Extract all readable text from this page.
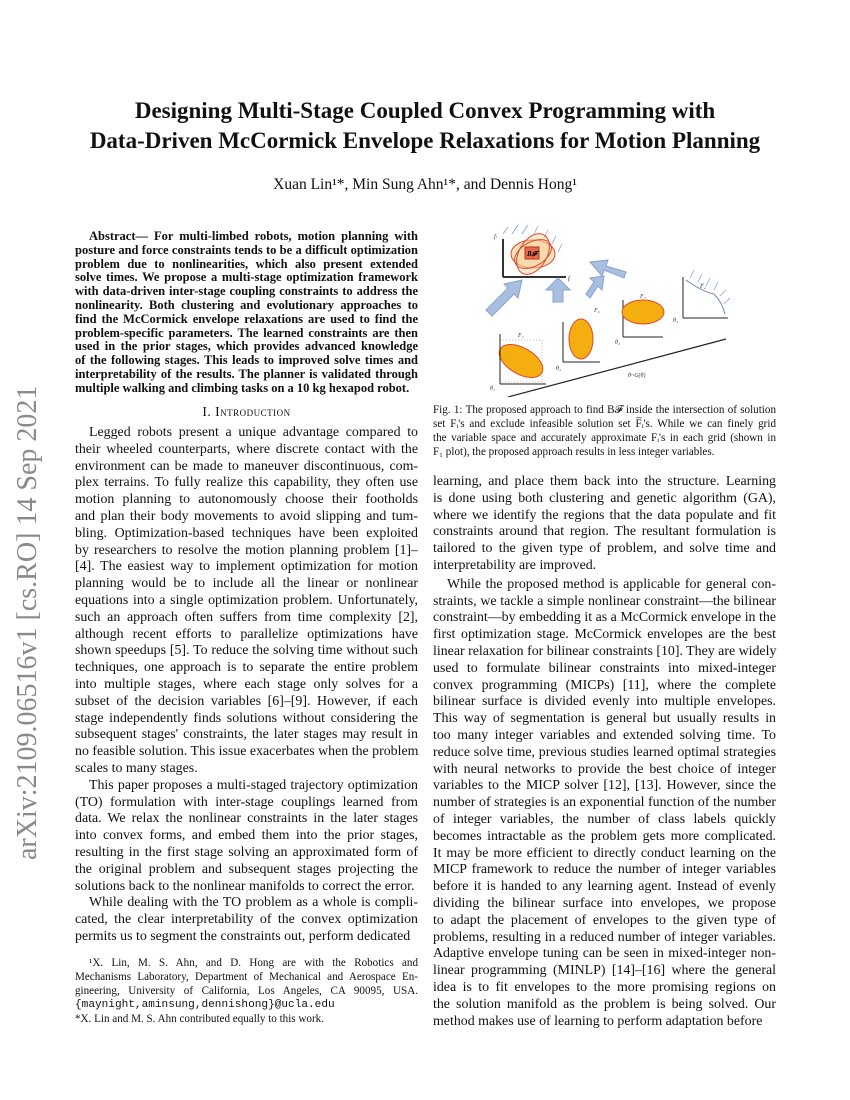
arXiv:2109.06516v1 [cs.RO] 14 Sep 2021
Designing Multi-Stage Coupled Convex Programming with
Data-Driven McCormick Envelope Relaxations for Motion Planning
Xuan Lin¹*, Min Sung Ahn¹*, and Dennis Hong¹
Abstract— For multi-limbed robots, motion planning with
posture and force constraints tends to be a difficult optimization
problem due to nonlinearities, which also present extended
solve times. We propose a multi-stage optimization framework
with data-driven inter-stage coupling constraints to address the
nonlinearity. Both clustering and evolutionary approaches to
find the McCormick envelope relaxations are used to find the
problem-specific parameters. The learned constraints are then
used in the prior stages, which provides advanced knowledge
of the following stages. This leads to improved solve times and
interpretability of the results. The planner is validated through
multiple walking and climbing tasks on a 10 kg hexapod robot.
I. Introduction
Legged robots present a unique advantage compared to
their wheeled counterparts, where discrete contact with the
environment can be made to maneuver discontinuous, com-
plex terrains. To fully realize this capability, they often use
motion planning to autonomously choose their footholds
and plan their body movements to avoid slipping and tum-
bling. Optimization-based techniques have been exploited
by researchers to resolve the motion planning problem [1]–
[4]. The easiest way to implement optimization for motion
planning would be to include all the linear or nonlinear
equations into a single optimization problem. Unfortunately,
such an approach often suffers from time complexity [2],
although recent efforts to parallelize optimizations have
shown speedups [5]. To reduce the solving time without such
techniques, one approach is to separate the entire problem
into multiple stages, where each stage only solves for a
subset of the decision variables [6]–[9]. However, if each
stage independently finds solutions without considering the
subsequent stages' constraints, the later stages may result in
no feasible solution. This issue exacerbates when the problem
scales to many stages.
This paper proposes a multi-staged trajectory optimization
(TO) formulation with inter-stage couplings learned from
data. We relax the nonlinear constraints in the later stages
into convex forms, and embed them into the prior stages,
resulting in the first stage solving an approximated form of
the original problem and subsequent stages projecting the
solutions back to the nonlinear manifolds to correct the error.
While dealing with the TO problem as a whole is compli-
cated, the clear interpretability of the convex optimization
permits us to segment the constraints out, perform dedicated
¹X. Lin, M. S. Ahn, and D. Hong are with the Robotics and
Mechanisms Laboratory, Department of Mechanical and Aerospace En-
gineering, University of California, Los Angeles, CA 90095, USA.
{maynight,aminsung,dennishong}@ucla.edu
*X. Lin and M. S. Ahn contributed equally to this work.
B𝓕
F₁
F₂
F₃
F̅₄
θ~G(θ)
θ₁
θ₂
θ₃
θ₄
fᵢ
fⱼ
Fig. 1: The proposed approach to find B𝓕 inside the intersection of solution
set Fᵢ's and exclude infeasible solution set F̅ᵢ's. While we can finely grid
the variable space and accurately approximate Fᵢ's in each grid (shown in
F₁ plot), the proposed approach results in less integer variables.
learning, and place them back into the structure. Learning
is done using both clustering and genetic algorithm (GA),
where we identify the regions that the data populate and fit
constraints around that region. The resultant formulation is
tailored to the given type of problem, and solve time and
interpretability are improved.
While the proposed method is applicable for general con-
straints, we tackle a simple nonlinear constraint—the bilinear
constraint—by embedding it as a McCormick envelope in the
first optimization stage. McCormick envelopes are the best
linear relaxation for bilinear constraints [10]. They are widely
used to formulate bilinear constraints into mixed-integer
convex programming (MICPs) [11], where the complete
bilinear surface is divided evenly into multiple envelopes.
This way of segmentation is general but usually results in
too many integer variables and extended solving time. To
reduce solve time, previous studies learned optimal strategies
with neural networks to provide the best choice of integer
variables to the MICP solver [12], [13]. However, since the
number of strategies is an exponential function of the number
of integer variables, the number of class labels quickly
becomes intractable as the problem gets more complicated.
It may be more efficient to directly conduct learning on the
MICP framework to reduce the number of integer variables
before it is handed to any learning agent. Instead of evenly
dividing the bilinear surface into envelopes, we propose
to adapt the placement of envelopes to the given type of
problems, resulting in a reduced number of integer variables.
Adaptive envelope tuning can be seen in mixed-integer non-
linear programming (MINLP) [14]–[16] where the general
idea is to fit envelopes to the more promising regions on
the solution manifold as the problem is being solved. Our
method makes use of learning to perform adaptation before
